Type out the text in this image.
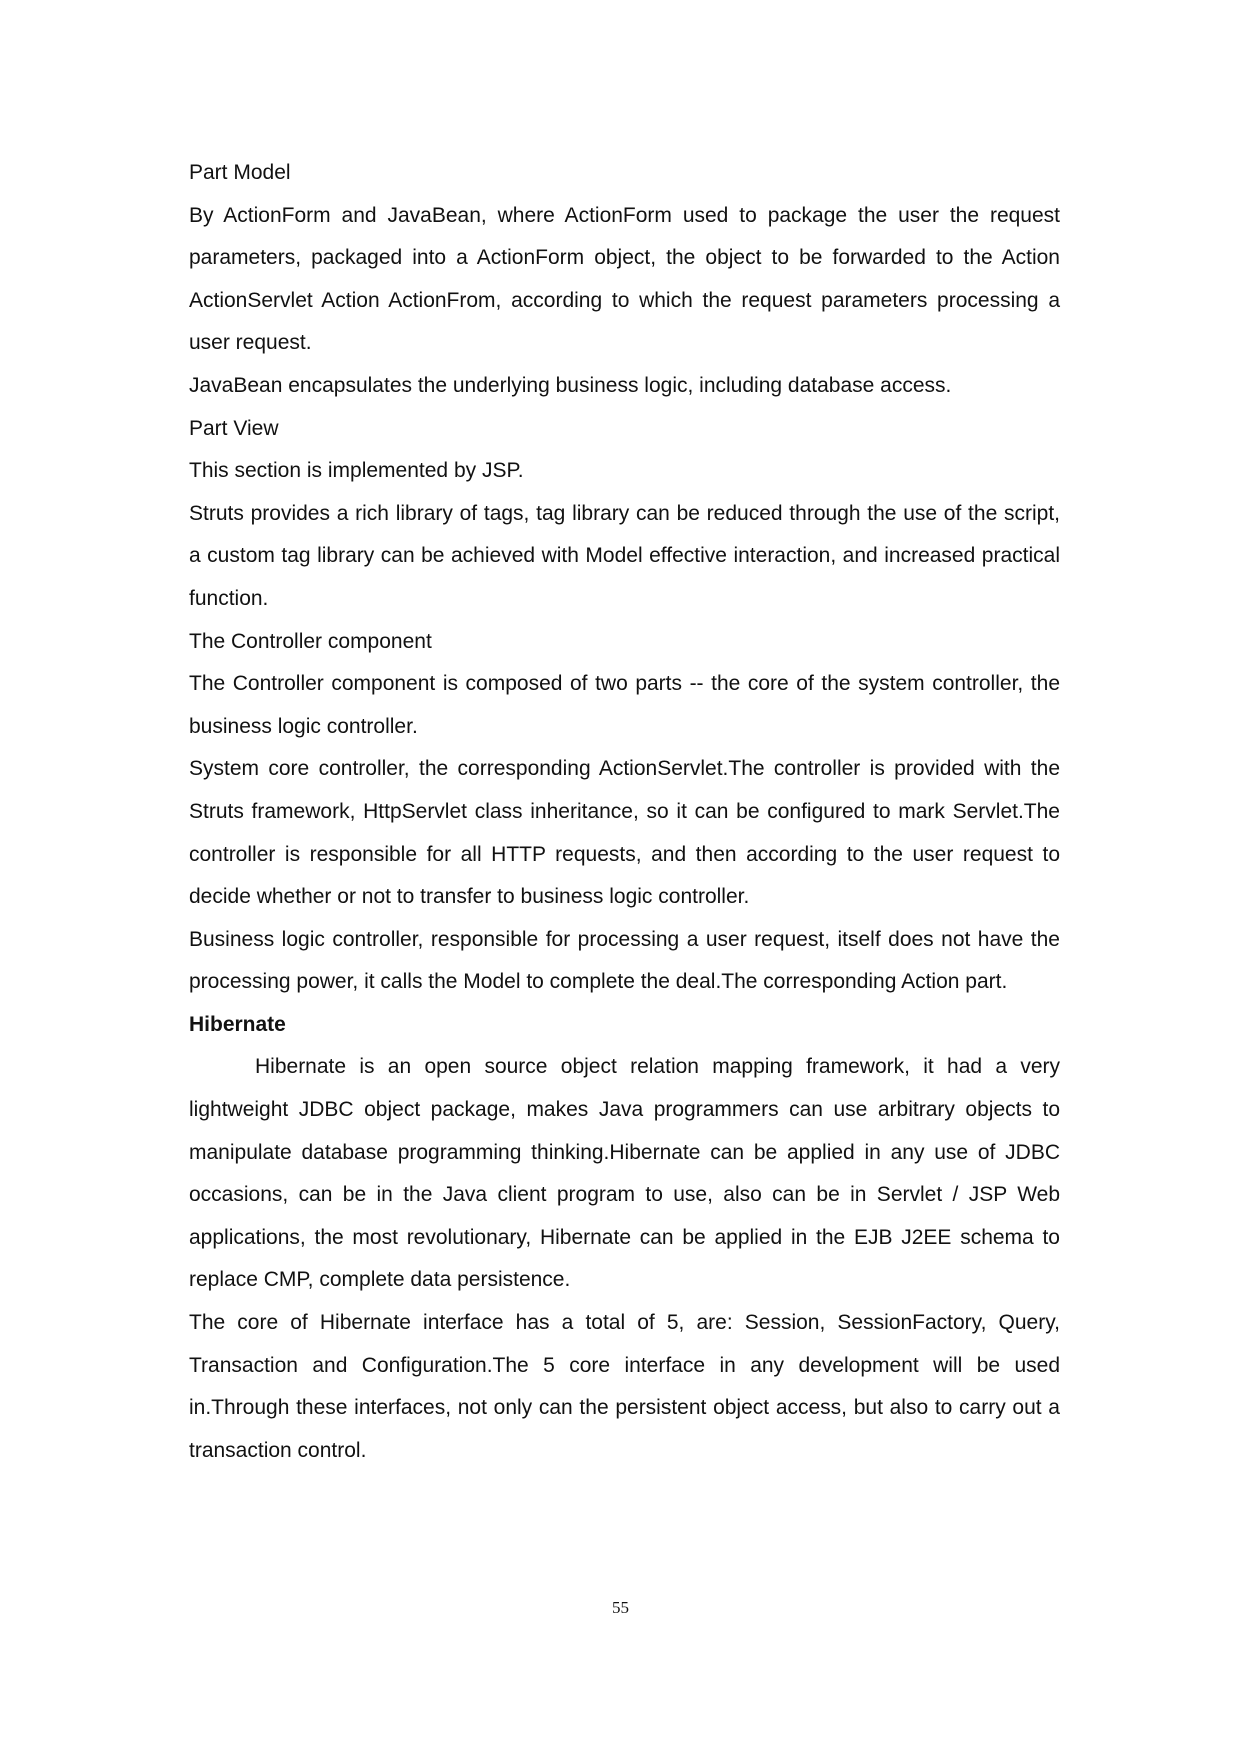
Part Model

By ActionForm and JavaBean, where ActionForm used to package the user the request parameters, packaged into a ActionForm object, the object to be forwarded to the Action ActionServlet Action ActionFrom, according to which the request parameters processing a user request.

JavaBean encapsulates the underlying business logic, including database access.

Part View

This section is implemented by JSP.

Struts provides a rich library of tags, tag library can be reduced through the use of the script, a custom tag library can be achieved with Model effective interaction, and increased practical function.

The Controller component

The Controller component is composed of two parts -- the core of the system controller, the business logic controller.

System core controller, the corresponding ActionServlet.The controller is provided with the Struts framework, HttpServlet class inheritance, so it can be configured to mark Servlet.The controller is responsible for all HTTP requests, and then according to the user request to decide whether or not to transfer to business logic controller.

Business logic controller, responsible for processing a user request, itself does not have the processing power, it calls the Model to complete the deal.The corresponding Action part.

Hibernate

Hibernate is an open source object relation mapping framework, it had a very lightweight JDBC object package, makes Java programmers can use arbitrary objects to manipulate database programming thinking.Hibernate can be applied in any use of JDBC occasions, can be in the Java client program to use, also can be in Servlet / JSP Web applications, the most revolutionary, Hibernate can be applied in the EJB J2EE schema to replace CMP, complete data persistence.

The core of Hibernate interface has a total of 5, are: Session, SessionFactory, Query, Transaction and Configuration.The 5 core interface in any development will be used in.Through these interfaces, not only can the persistent object access, but also to carry out a transaction control.

55
